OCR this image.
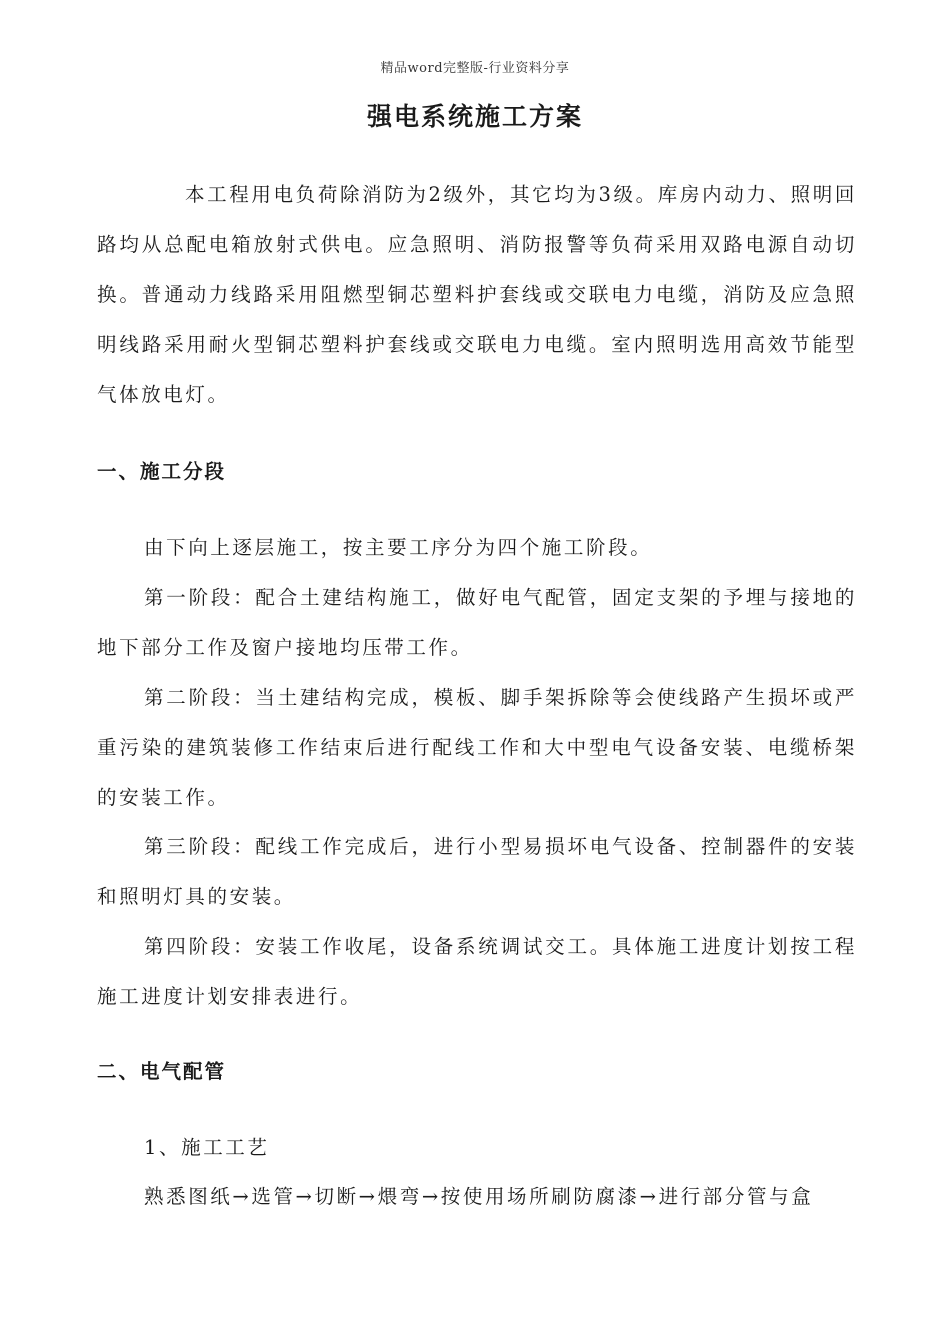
精品word完整版-行业资料分享
强电系统施工方案

本工程用电负荷除消防为2级外，其它均为3级。库房内动力、照明回路均从总配电箱放射式供电。应急照明、消防报警等负荷采用双路电源自动切换。普通动力线路采用阻燃型铜芯塑料护套线或交联电力电缆，消防及应急照明线路采用耐火型铜芯塑料护套线或交联电力电缆。室内照明选用高效节能型气体放电灯。

一、施工分段

由下向上逐层施工，按主要工序分为四个施工阶段。

第一阶段：配合土建结构施工，做好电气配管，固定支架的予埋与接地的地下部分工作及窗户接地均压带工作。

第二阶段：当土建结构完成，模板、脚手架拆除等会使线路产生损坏或严重污染的建筑装修工作结束后进行配线工作和大中型电气设备安装、电缆桥架的安装工作。

第三阶段：配线工作完成后，进行小型易损坏电气设备、控制器件的安装和照明灯具的安装。

第四阶段：安装工作收尾，设备系统调试交工。具体施工进度计划按工程施工进度计划安排表进行。

二、电气配管

1、施工工艺

熟悉图纸→选管→切断→煨弯→按使用场所刷防腐漆→进行部分管与盒
